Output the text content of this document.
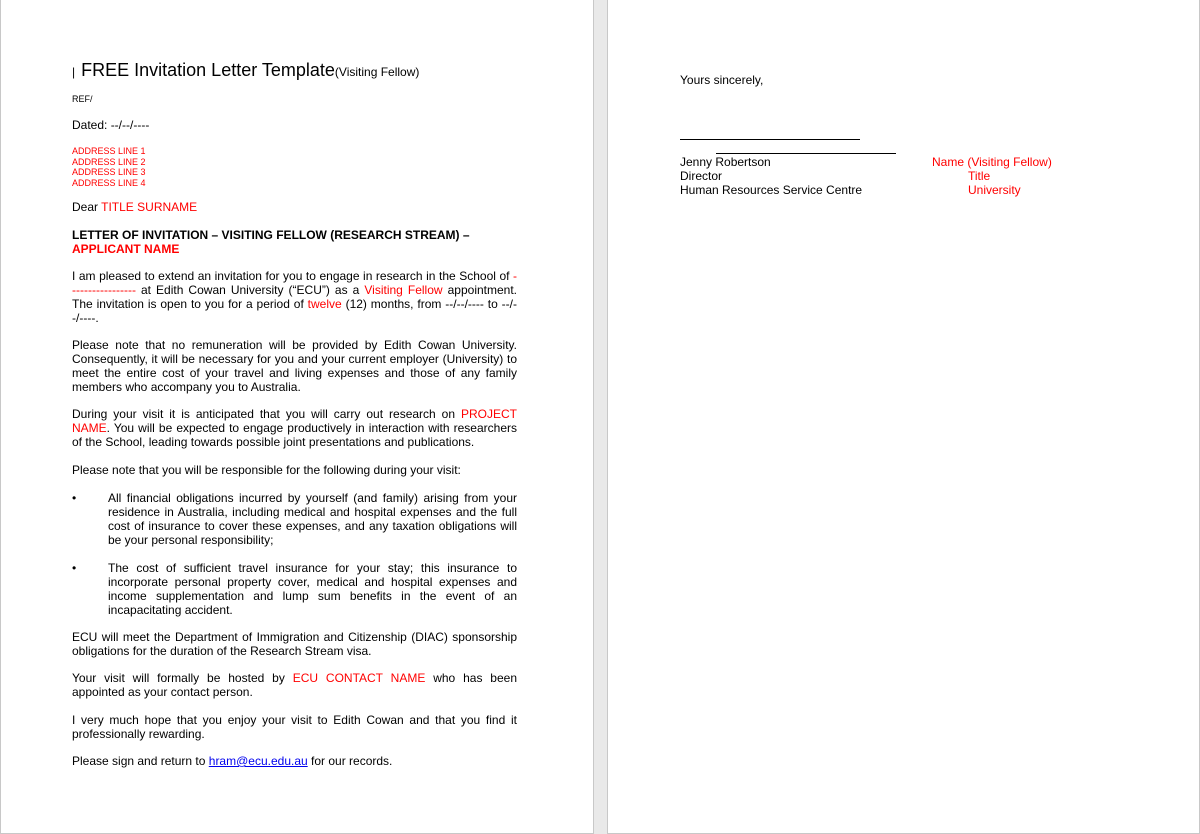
| FREE Invitation Letter Template(Visiting Fellow)
REF/
Dated: --/--/----
ADDRESS LINE 1
ADDRESS LINE 2
ADDRESS LINE 3
ADDRESS LINE 4
Dear TITLE SURNAME
LETTER OF INVITATION – VISITING FELLOW (RESEARCH STREAM) –
APPLICANT NAME
I am pleased to extend an invitation for you to engage in research in the School of ----------------- at Edith Cowan University (“ECU”) as a Visiting Fellow appointment. The invitation is open to you for a period of twelve (12) months, from --/--/---- to --/--/----.
Please note that no remuneration will be provided by Edith Cowan University. Consequently, it will be necessary for you and your current employer (University) to meet the entire cost of your travel and living expenses and those of any family members who accompany you to Australia.
During your visit it is anticipated that you will carry out research on PROJECT NAME. You will be expected to engage productively in interaction with researchers of the School, leading towards possible joint presentations and publications.
Please note that you will be responsible for the following during your visit:
•	All financial obligations incurred by yourself (and family) arising from your residence in Australia, including medical and hospital expenses and the full cost of insurance to cover these expenses, and any taxation obligations will be your personal responsibility;
•	The cost of sufficient travel insurance for your stay; this insurance to incorporate personal property cover, medical and hospital expenses and income supplementation and lump sum benefits in the event of an incapacitating accident.
ECU will meet the Department of Immigration and Citizenship (DIAC) sponsorship obligations for the duration of the Research Stream visa.
Your visit will formally be hosted by ECU CONTACT NAME who has been appointed as your contact person.
I very much hope that you enjoy your visit to Edith Cowan and that you find it professionally rewarding.
Please sign and return to hram@ecu.edu.au for our records.
Yours sincerely,
Jenny Robertson
Director
Human Resources Service Centre
Name (Visiting Fellow)
Title
University
